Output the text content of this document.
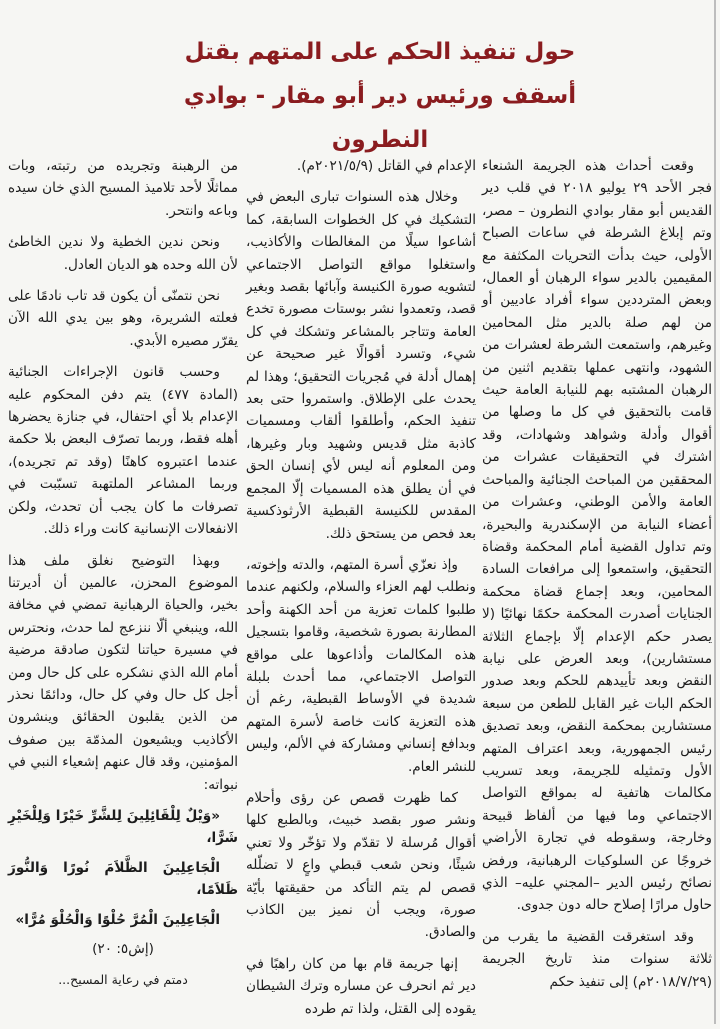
حول تنفيذ الحكم على المتهم بقتل
أسقف ورئيس دير أبو مقار - بوادي النطرون

وقعت أحداث هذه الجريمة الشنعاء فجر الأحد ٢٩ يوليو ٢٠١٨ في قلب دير القديس أبو مقار بوادي النطرون – مصر، وتم إبلاغ الشرطة في ساعات الصباح الأولى، حيث بدأت التحريات المكثفة مع المقيمين بالدير سواء الرهبان أو العمال، وبعض المترددين سواء أفراد عاديين أو من لهم صلة بالدير مثل المحامين وغيرهم، واستمعت الشرطة لعشرات من الشهود، وانتهى عملها بتقديم اثنين من الرهبان المشتبه بهم للنيابة العامة حيث قامت بالتحقيق في كل ما وصلها من أقوال وأدلة وشواهد وشهادات، وقد اشترك في التحقيقات عشرات من المحققين من المباحث الجنائية والمباحث العامة والأمن الوطني، وعشرات من أعضاء النيابة من الإسكندرية والبحيرة، وتم تداول القضية أمام المحكمة وقضاة التحقيق، واستمعوا إلى مرافعات السادة المحامين، وبعد إجماع قضاة محكمة الجنايات أصدرت المحكمة حكمًا نهائيًا (لا يصدر حكم الإعدام إلّا بإجماع الثلاثة مستشارين)، وبعد العرض على نيابة النقض وبعد تأييدهم للحكم وبعد صدور الحكم البات غير القابل للطعن من سبعة مستشارين بمحكمة النقض، وبعد تصديق رئيس الجمهورية، وبعد اعتراف المتهم الأول وتمثيله للجريمة، وبعد تسريب مكالمات هاتفية له بمواقع التواصل الاجتماعي وما فيها من ألفاظ قبيحة وخارجة، وسقوطه في تجارة الأراضي خروجًا عن السلوكيات الرهبانية، ورفض نصائح رئيس الدير –المجني عليه– الذي حاول مرارًا إصلاح حاله دون جدوى.

وقد استغرقت القضية ما يقرب من ثلاثة سنوات منذ تاريخ الجريمة (٢٠١٨/٧/٢٩م) إلى تنفيذ حكم

الإعدام في القاتل (٢٠٢١/٥/٩م).

وخلال هذه السنوات تبارى البعض في التشكيك في كل الخطوات السابقة، كما أشاعوا سيلًا من المغالطات والأكاذيب، واستغلوا مواقع التواصل الاجتماعي لتشويه صورة الكنيسة وآبائها بقصد وبغير قصد، وتعمدوا نشر بوستات مصورة تخدع العامة وتتاجر بالمشاعر وتشكك في كل شيء، وتسرد أقوالًا غير صحيحة عن إهمال أدلة في مُجريات التحقيق؛ وهذا لم يحدث على الإطلاق. واستمروا حتى بعد تنفيذ الحكم، وأطلقوا ألقاب ومسميات كاذبة مثل قديس وشهيد وبار وغيرها، ومن المعلوم أنه ليس لأي إنسان الحق في أن يطلق هذه المسميات إلّا المجمع المقدس للكنيسة القبطية الأرثوذكسية بعد فحص من يستحق ذلك.

وإذ نعزّي أسرة المتهم، والدته وإخوته، ونطلب لهم العزاء والسلام، ولكنهم عندما طلبوا كلمات تعزية من أحد الكهنة وأحد المطارنة بصورة شخصية، وقاموا بتسجيل هذه المكالمات وأذاعوها على مواقع التواصل الاجتماعي، مما أحدث بلبلة شديدة في الأوساط القبطية، رغم أن هذه التعزية كانت خاصة لأسرة المتهم وبدافع إنساني ومشاركة في الألم، وليس للنشر العام.

كما ظهرت قصص عن رؤى وأحلام ونشر صور بقصد خبيث، وبالطبع كلها أقوال مُرسلة لا تقدّم ولا تؤخّر ولا تعني شيئًا، ونحن شعب قبطي واعٍ لا تضلّله قصص لم يتم التأكد من حقيقتها بأيّة صورة، ويجب أن نميز بين الكاذب والصادق.

إنها جريمة قام بها من كان راهبًا في دير ثم انحرف عن مساره وترك الشيطان يقوده إلى القتل، ولذا تم طرده

من الرهبنة وتجريده من رتبته، وبات مماثلًا لأحد تلاميذ المسيح الذي خان سيده وباعه وانتحر.

ونحن ندين الخطية ولا ندين الخاطئ لأن الله وحده هو الديان العادل.

نحن نتمنّى أن يكون قد تاب نادمًا على فعلته الشريرة، وهو بين يدي الله الآن يقرّر مصيره الأبدي.

وحسب قانون الإجراءات الجنائية (المادة ٤٧٧) يتم دفن المحكوم عليه الإعدام بلا أي احتفال، في جنازة يحضرها أهله فقط، وربما تصرّف البعض بلا حكمة عندما اعتبروه كاهنًا (وقد تم تجريده)، وربما المشاعر الملتهبة تسبّبت في تصرفات ما كان يجب أن تحدث، ولكن الانفعالات الإنسانية كانت وراء ذلك.

وبهذا التوضيح نغلق ملف هذا الموضوع المحزن، عالمين أن أديرتنا بخير، والحياة الرهبانية تمضي في مخافة الله، وينبغي ألّا ننزعج لما حدث، ونحترس في مسيرة حياتنا لتكون صادقة مرضية أمام الله الذي نشكره على كل حال ومن أجل كل حال وفي كل حال، ودائمًا نحذر من الذين يقلبون الحقائق وينشرون الأكاذيب ويشيعون المذمّة بين صفوف المؤمنين، وقد قال عنهم إشعياء النبي في نبواته:

«وَيْلٌ لِلْقَائِلِينَ لِلشَّرِّ خَيْرًا وَلِلْخَيْرِ شَرًّا،

الْجَاعِلِينَ الظَّلاَمَ نُورًا وَالنُّورَ ظَلاَمًا،

الْجَاعِلِينَ الْمُرَّ حُلْوًا وَالْحُلْوَ مُرًّا»

(إش٥: ٢٠)

دمتم في رعاية المسيح...
